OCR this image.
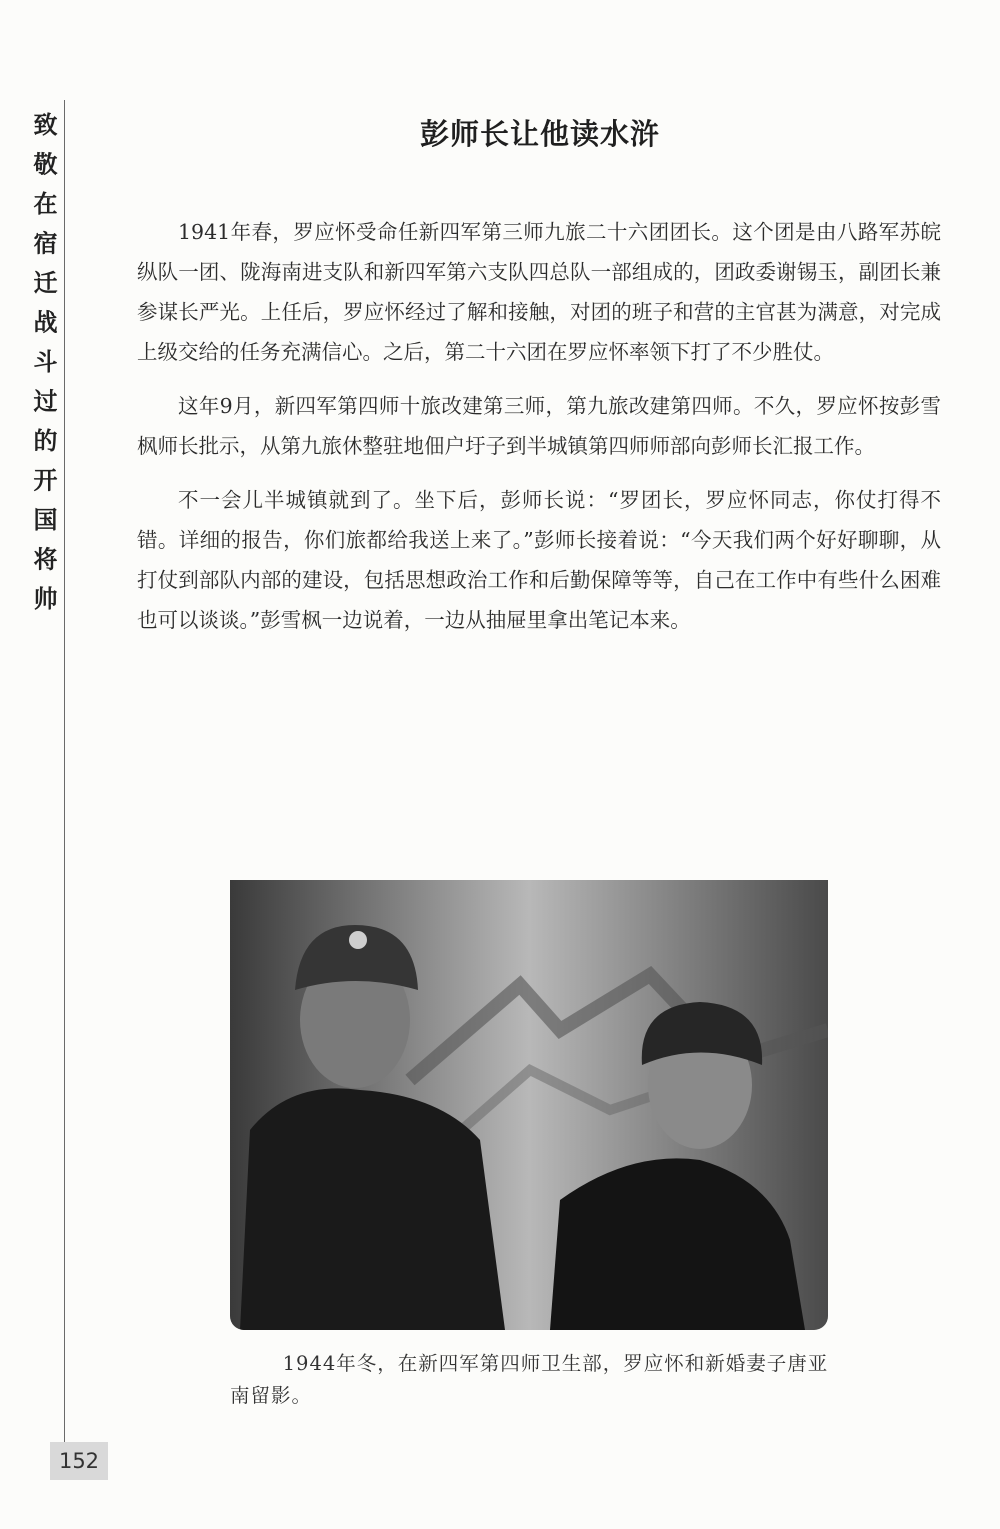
致敬在宿迁战斗过的开国将帅
152
彭师长让他读水浒

1941年春，罗应怀受命任新四军第三师九旅二十六团团长。这个团是由八路军苏皖纵队一团、陇海南进支队和新四军第六支队四总队一部组成的，团政委谢锡玉，副团长兼参谋长严光。上任后，罗应怀经过了解和接触，对团的班子和营的主官甚为满意，对完成上级交给的任务充满信心。之后，第二十六团在罗应怀率领下打了不少胜仗。

这年9月，新四军第四师十旅改建第三师，第九旅改建第四师。不久，罗应怀按彭雪枫师长批示，从第九旅休整驻地佃户圩子到半城镇第四师师部向彭师长汇报工作。

不一会儿半城镇就到了。坐下后，彭师长说：“罗团长，罗应怀同志，你仗打得不错。详细的报告，你们旅都给我送上来了。”彭师长接着说：“今天我们两个好好聊聊，从打仗到部队内部的建设，包括思想政治工作和后勤保障等等，自己在工作中有些什么困难也可以谈谈。”彭雪枫一边说着，一边从抽屉里拿出笔记本来。

1944年冬，在新四军第四师卫生部，罗应怀和新婚妻子唐亚南留影。
